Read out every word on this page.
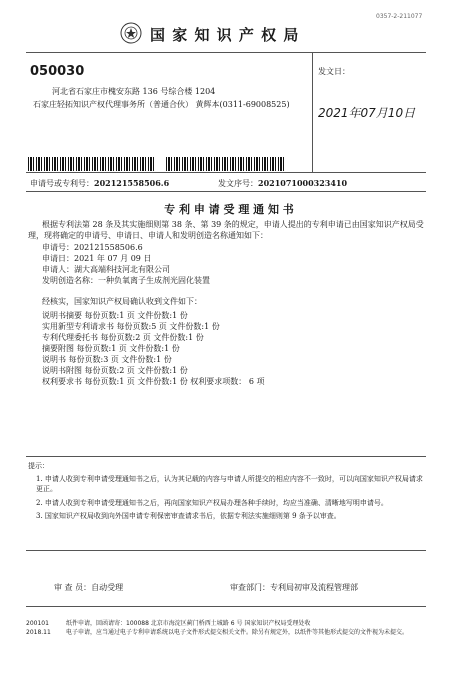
0357-2-211077
国 家 知 识 产 权 局
050030
河北省石家庄市槐安东路 136 号综合楼 1204
石家庄轻拓知识产权代理事务所（普通合伙） 黄辉本(0311-69008525)
发文日：
2021年07月10日
申请号或专利号：202121558506.6	发文序号：2021071000323410
专 利 申 请 受 理 通 知 书
根据专利法第 28 条及其实施细则第 38 条、第 39 条的规定，申请人提出的专利申请已由国家知识产权局受理，现将确定的申请号、申请日、申请人和发明创造名称通知如下：
申请号：202121558506.6
申请日：2021 年 07 月 09 日
申请人：湖大高端科技河北有限公司
发明创造名称：一种负氧离子生成剂光固化装置
经核实，国家知识产权局确认收到文件如下：
说明书摘要 每份页数:1 页 文件份数:1 份
实用新型专利请求书 每份页数:5 页 文件份数:1 份
专利代理委托书 每份页数:2 页 文件份数:1 份
摘要附图 每份页数:1 页 文件份数:1 份
说明书 每份页数:3 页 文件份数:1 份
说明书附图 每份页数:2 页 文件份数:1 份
权利要求书 每份页数:1 页 文件份数:1 份 权利要求项数： 6 项
提示：
1. 申请人收到专利申请受理通知书之后，认为其记载的内容与申请人所提交的相应内容不一致时，可以向国家知识产权局请求更正。
2. 申请人收到专利申请受理通知书之后，再向国家知识产权局办理各种手续时，均应当准确、清晰地写明申请号。
3. 国家知识产权局收到向外国申请专利保密审查请求书后，依据专利法实施细则第 9 条予以审查。
审 查 员：自动受理	审查部门：专利局初审及流程管理部
200101
2018.11
纸件申请，回函请寄：100088 北京市海淀区蓟门桥西土城路 6 号 国家知识产权局受理处收
电子申请，应当通过电子专利申请系统以电子文件形式提交相关文件。除另有规定外，以纸件等其他形式提交的文件视为未提交。
